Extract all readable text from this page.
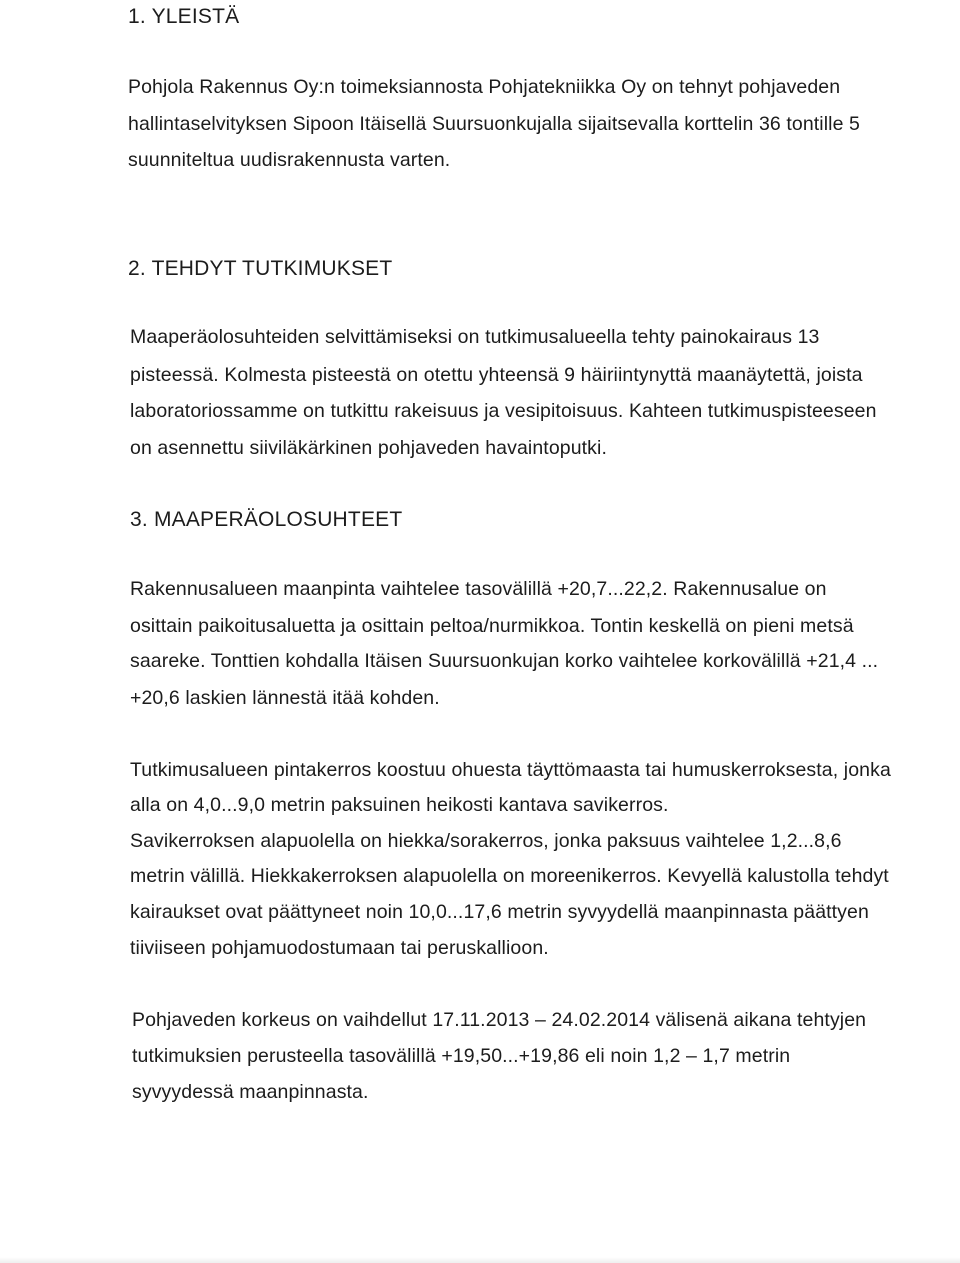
1. YLEISTÄ

Pohjola Rakennus Oy:n toimeksiannosta Pohjatekniikka Oy on tehnyt pohjaveden

hallintaselvityksen Sipoon Itäisellä Suursuonkujalla sijaitsevalla korttelin 36 tontille 5

suunniteltua uudisrakennusta varten.

2. TEHDYT TUTKIMUKSET

Maaperäolosuhteiden selvittämiseksi on tutkimusalueella tehty painokairaus 13

pisteessä. Kolmesta pisteestä on otettu yhteensä 9 häiriintynyttä maanäytettä, joista

laboratoriossamme on tutkittu rakeisuus ja vesipitoisuus. Kahteen tutkimuspisteeseen

on asennettu siiviläkärkinen pohjaveden havaintoputki.

3. MAAPERÄOLOSUHTEET

Rakennusalueen maanpinta vaihtelee tasovälillä +20,7...22,2. Rakennusalue on

osittain paikoitusaluetta ja osittain peltoa/nurmikkoa. Tontin keskellä on pieni metsä

saareke. Tonttien kohdalla Itäisen Suursuonkujan korko vaihtelee korkovälillä +21,4 ...

+20,6 laskien lännestä itää kohden.

Tutkimusalueen pintakerros koostuu ohuesta täyttömaasta tai humuskerroksesta, jonka

alla on 4,0...9,0 metrin paksuinen heikosti kantava savikerros.

Savikerroksen alapuolella on hiekka/sorakerros, jonka paksuus vaihtelee 1,2...8,6

metrin välillä. Hiekkakerroksen alapuolella on moreenikerros. Kevyellä kalustolla tehdyt

kairaukset ovat päättyneet noin 10,0...17,6 metrin syvyydellä maanpinnasta päättyen

tiiviiseen pohjamuodostumaan tai peruskallioon.

Pohjaveden korkeus on vaihdellut 17.11.2013 – 24.02.2014 välisenä aikana tehtyjen

tutkimuksien perusteella tasovälillä +19,50...+19,86 eli noin 1,2 – 1,7 metrin

syvyydessä maanpinnasta.
